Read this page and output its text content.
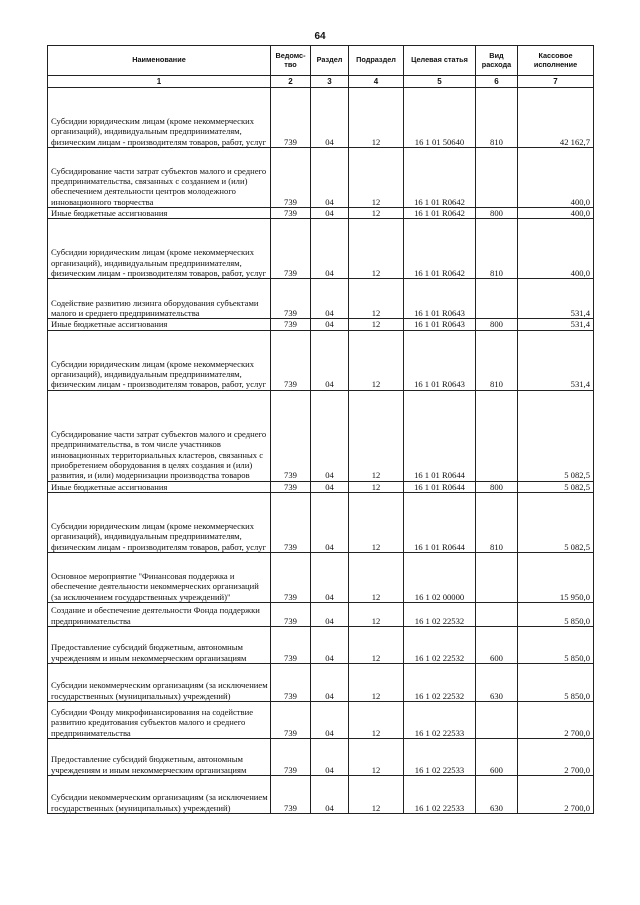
64
Наименование	Ведомс-тво	Раздел	Подраздел	Целевая статья	Вид расхода	Кассовое исполнение
1	2	3	4	5	6	7
Субсидии юридическим лицам (кроме некоммерческих организаций), индивидуальным предпринимателям, физическим лицам - производителям товаров, работ, услуг	739	04	12	16 1 01 50640	810	42 162,7
Субсидирование части затрат субъектов малого и среднего предпринимательства, связанных с созданием и (или) обеспечением деятельности центров молодежного инновационного творчества	739	04	12	16 1 01 R0642		400,0
Иные бюджетные ассигнования	739	04	12	16 1 01 R0642	800	400,0
Субсидии юридическим лицам (кроме некоммерческих организаций), индивидуальным предпринимателям, физическим лицам - производителям товаров, работ, услуг	739	04	12	16 1 01 R0642	810	400,0
Содействие развитию лизинга оборудования субъектами малого и среднего предпринимательства	739	04	12	16 1 01 R0643		531,4
Иные бюджетные ассигнования	739	04	12	16 1 01 R0643	800	531,4
Субсидии юридическим лицам (кроме некоммерческих организаций), индивидуальным предпринимателям, физическим лицам - производителям товаров, работ, услуг	739	04	12	16 1 01 R0643	810	531,4
Субсидирование части затрат субъектов малого и среднего предпринимательства, в том числе участников инновационных территориальных кластеров, связанных с приобретением оборудования в целях создания и (или) развития, и (или) модернизации производства товаров	739	04	12	16 1 01 R0644		5 082,5
Иные бюджетные ассигнования	739	04	12	16 1 01 R0644	800	5 082,5
Субсидии юридическим лицам (кроме некоммерческих организаций), индивидуальным предпринимателям, физическим лицам - производителям товаров, работ, услуг	739	04	12	16 1 01 R0644	810	5 082,5
Основное мероприятие "Финансовая поддержка и обеспечение деятельности некоммерческих организаций (за исключением государственных учреждений)"	739	04	12	16 1 02 00000		15 950,0
Создание и обеспечение деятельности Фонда поддержки предпринимательства	739	04	12	16 1 02 22532		5 850,0
Предоставление субсидий бюджетным, автономным учреждениям и иным некоммерческим организациям	739	04	12	16 1 02 22532	600	5 850,0
Субсидии некоммерческим организациям (за исключением государственных (муниципальных) учреждений)	739	04	12	16 1 02 22532	630	5 850,0
Субсидии Фонду микрофинансирования на содействие развитию кредитования субъектов малого и среднего предпринимательства	739	04	12	16 1 02 22533		2 700,0
Предоставление субсидий бюджетным, автономным учреждениям и иным некоммерческим организациям	739	04	12	16 1 02 22533	600	2 700,0
Субсидии некоммерческим организациям (за исключением государственных (муниципальных) учреждений)	739	04	12	16 1 02 22533	630	2 700,0
